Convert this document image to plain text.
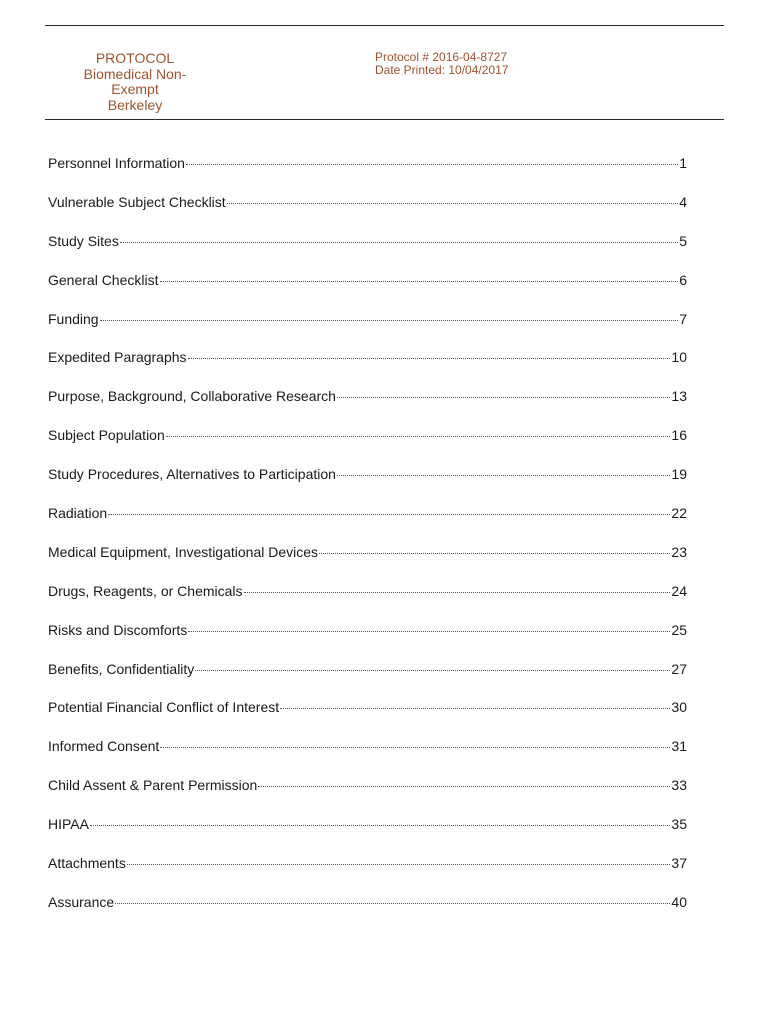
PROTOCOL
Biomedical Non-
Exempt
Berkeley
Protocol # 2016-04-8727
Date Printed: 10/04/2017
Personnel Information	1
Vulnerable Subject Checklist	4
Study Sites	5
General Checklist	6
Funding	7
Expedited Paragraphs	10
Purpose, Background, Collaborative Research	13
Subject Population	16
Study Procedures, Alternatives to Participation	19
Radiation	22
Medical Equipment, Investigational Devices	23
Drugs, Reagents, or Chemicals	24
Risks and Discomforts	25
Benefits, Confidentiality	27
Potential Financial Conflict of Interest	30
Informed Consent	31
Child Assent & Parent Permission	33
HIPAA	35
Attachments	37
Assurance	40
